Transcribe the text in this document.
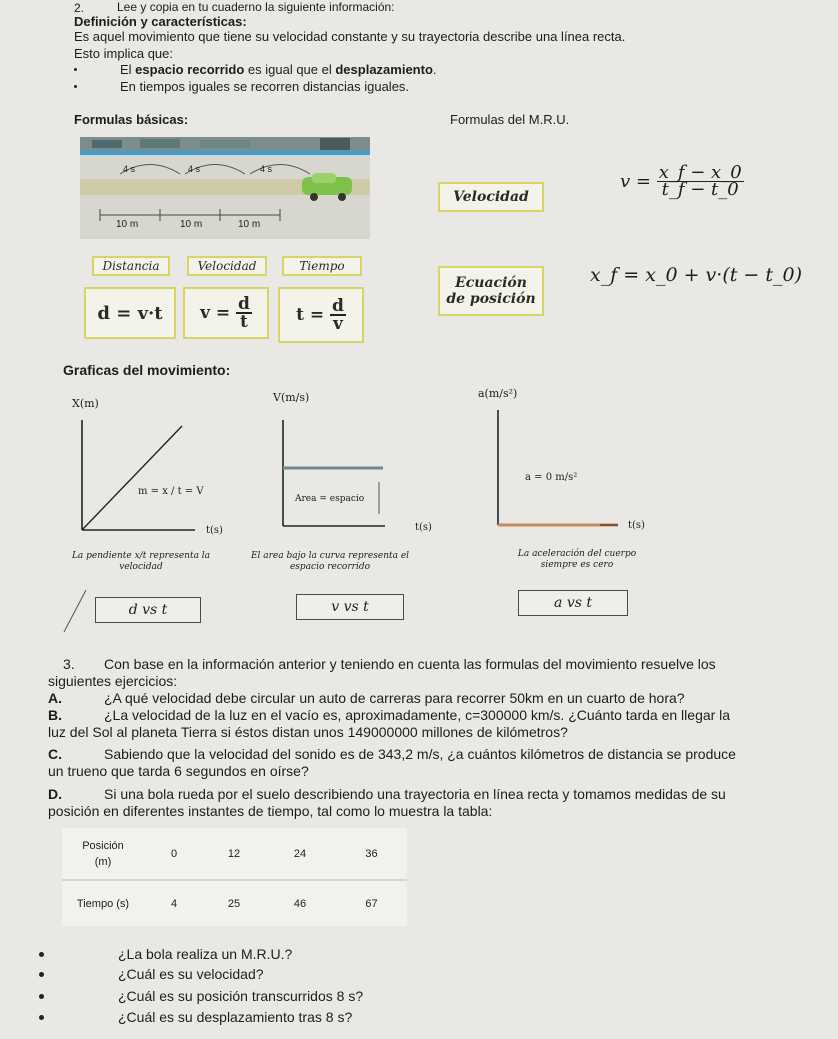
2.	Lee y copia en tu cuaderno la siguiente información:
Definición y características:
Es aquel movimiento que tiene su velocidad constante y su trayectoria describe una línea recta.
Esto implica que:
El espacio recorrido es igual que el desplazamiento.
En tiempos iguales se recorren distancias iguales.
Formulas básicas:	Formulas del M.R.U.
4 s	4 s	4 s
10 m	10 m	10 m
Distancia	Velocidad	Tiempo
d = v·t	v =
$\frac{d}{t}$	t =
$\frac{d}{v}$
Velocidad
v =
$\frac{x\_f - x\_0}{t\_f - t\_0}$
Ecuación
de posición
x_f = x_0 + v·(t − t_0)
Graficas del movimiento:
X(m)
m = x / t = V
t(s)
La pendiente x/t representa la velocidad
V(m/s)
Area = espacio
t(s)
El area bajo la curva representa el espacio recorrido
a(m/s²)
a = 0 m/s²
t(s)
La aceleración del cuerpo siempre es cero
d vs t	v vs t	a vs t
3. Con base en la información anterior y teniendo en cuenta las formulas del movimiento resuelve los
siguientes ejercicios:
A.	¿A qué velocidad debe circular un auto de carreras para recorrer 50km en un cuarto de hora?
B.	¿La velocidad de la luz en el vacío es, aproximadamente, c=300000 km/s. ¿Cuánto tarda en llegar la
luz del Sol al planeta Tierra si éstos distan unos 149000000 millones de kilómetros?
C.	Sabiendo que la velocidad del sonido es de 343,2 m/s, ¿a cuántos kilómetros de distancia se produce
un trueno que tarda 6 segundos en oírse?
D.	Si una bola rueda por el suelo describiendo una trayectoria en línea recta y tomamos medidas de su
posición en diferentes instantes de tiempo, tal como lo muestra la tabla:
Posición
(m)	0	12	24	36
Tiempo (s)	4	25	46	67
¿La bola realiza un M.R.U.?
¿Cuál es su velocidad?
¿Cuál es su posición transcurridos 8 s?
¿Cuál es su desplazamiento tras 8 s?
